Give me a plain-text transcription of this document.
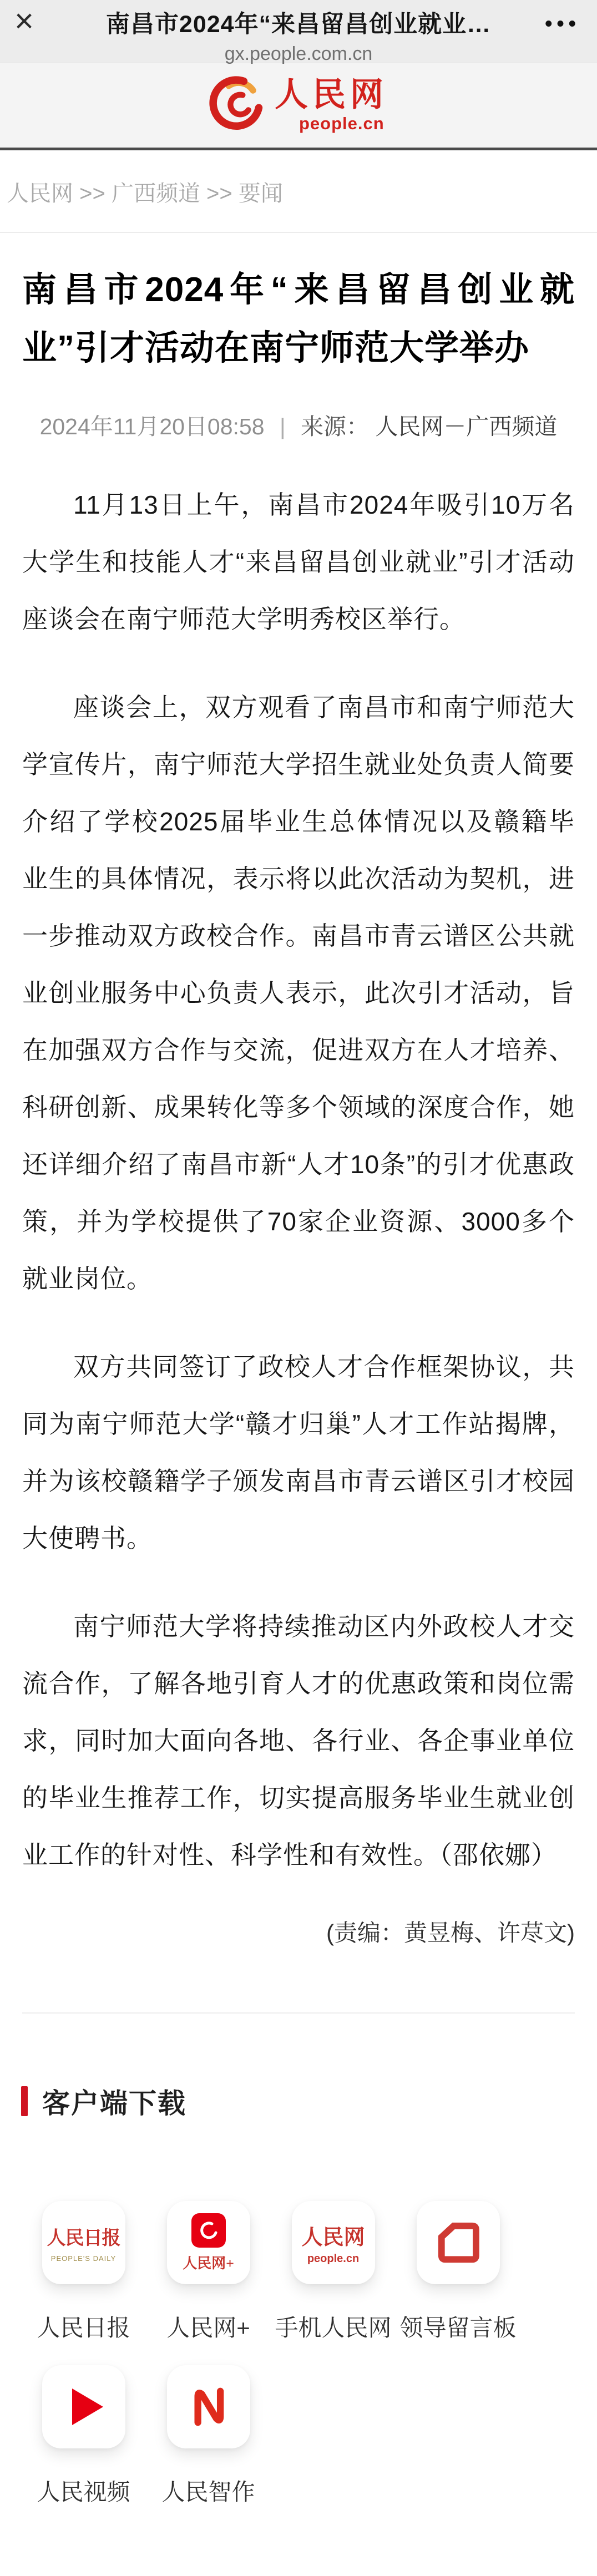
×	南昌市2024年“来昌留昌创业就业…
gx.people.com.cn
•••
人民网
people.cn
人民网 >> 广西频道 >> 要闻
南昌市2024年“来昌留昌创业就业”引才活动在南宁师范大学举办
2024年11月20日08:58 | 来源： 人民网－广西频道

11月13日上午，南昌市2024年吸引10万名大学生和技能人才“来昌留昌创业就业”引才活动座谈会在南宁师范大学明秀校区举行。

座谈会上，双方观看了南昌市和南宁师范大学宣传片，南宁师范大学招生就业处负责人简要介绍了学校2025届毕业生总体情况以及赣籍毕业生的具体情况，表示将以此次活动为契机，进一步推动双方政校合作。南昌市青云谱区公共就业创业服务中心负责人表示，此次引才活动，旨在加强双方合作与交流，促进双方在人才培养、科研创新、成果转化等多个领域的深度合作，她还详细介绍了南昌市新“人才10条”的引才优惠政策，并为学校提供了70家企业资源、3000多个就业岗位。

双方共同签订了政校人才合作框架协议，共同为南宁师范大学“赣才归巢”人才工作站揭牌，并为该校赣籍学子颁发南昌市青云谱区引才校园大使聘书。

南宁师范大学将持续推动区内外政校人才交流合作，了解各地引育人才的优惠政策和岗位需求，同时加大面向各地、各行业、各企事业单位的毕业生推荐工作，切实提高服务毕业生就业创业工作的针对性、科学性和有效性。（邵依娜）

(责编：黄昱梅、许荩文)
客户端下载
人民日报
PEOPLE'S DAILY
人民日报
人民网+
人民网+
人民网
people.cn
手机人民网 领导留言板
人民视频	人民智作
